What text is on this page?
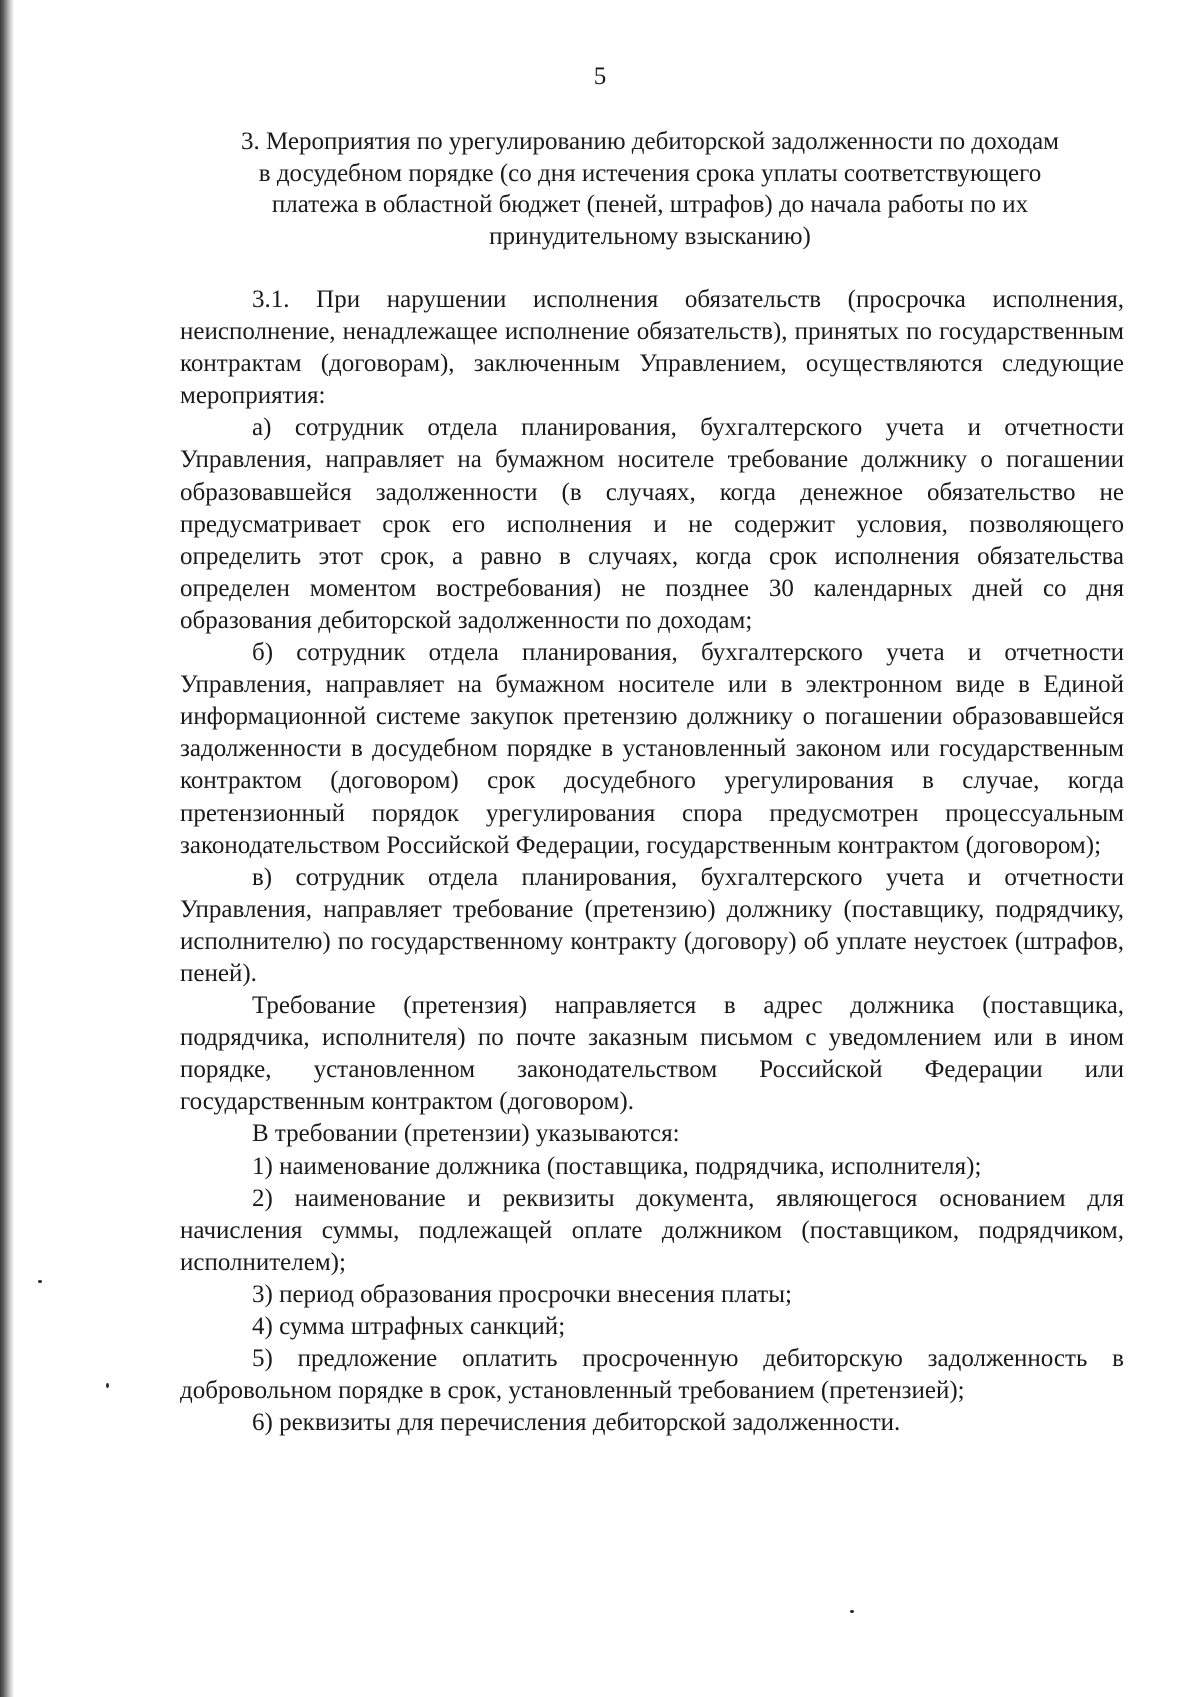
5
3. Мероприятия по урегулированию дебиторской задолженности по доходам
в досудебном порядке (со дня истечения срока уплаты соответствующего
платежа в областной бюджет (пеней, штрафов) до начала работы по их
принудительному взысканию)

3.1. При нарушении исполнения обязательств (просрочка исполнения, неисполнение, ненадлежащее исполнение обязательств), принятых по государственным контрактам (договорам), заключенным Управлением, осуществляются следующие мероприятия:

а) сотрудник отдела планирования, бухгалтерского учета и отчетности Управления, направляет на бумажном носителе требование должнику о погашении образовавшейся задолженности (в случаях, когда денежное обязательство не предусматривает срок его исполнения и не содержит условия, позволяющего определить этот срок, а равно в случаях, когда срок исполнения обязательства определен моментом востребования) не позднее 30 календарных дней со дня образования дебиторской задолженности по доходам;

б) сотрудник отдела планирования, бухгалтерского учета и отчетности Управления, направляет на бумажном носителе или в электронном виде в Единой информационной системе закупок претензию должнику о погашении образовавшейся задолженности в досудебном порядке в установленный законом или государственным контрактом (договором) срок досудебного урегулирования в случае, когда претензионный порядок урегулирования спора предусмотрен процессуальным законодательством Российской Федерации, государственным контрактом (договором);

в) сотрудник отдела планирования, бухгалтерского учета и отчетности Управления, направляет требование (претензию) должнику (поставщику, подрядчику, исполнителю) по государственному контракту (договору) об уплате неустоек (штрафов, пеней).

Требование (претензия) направляется в адрес должника (поставщика, подрядчика, исполнителя) по почте заказным письмом с уведомлением или в ином порядке, установленном законодательством Российской Федерации или государственным контрактом (договором).

В требовании (претензии) указываются:

1) наименование должника (поставщика, подрядчика, исполнителя);

2) наименование и реквизиты документа, являющегося основанием для начисления суммы, подлежащей оплате должником (поставщиком, подрядчиком, исполнителем);

3) период образования просрочки внесения платы;

4) сумма штрафных санкций;

5) предложение оплатить просроченную дебиторскую задолженность в добровольном порядке в срок, установленный требованием (претензией);

6) реквизиты для перечисления дебиторской задолженности.
